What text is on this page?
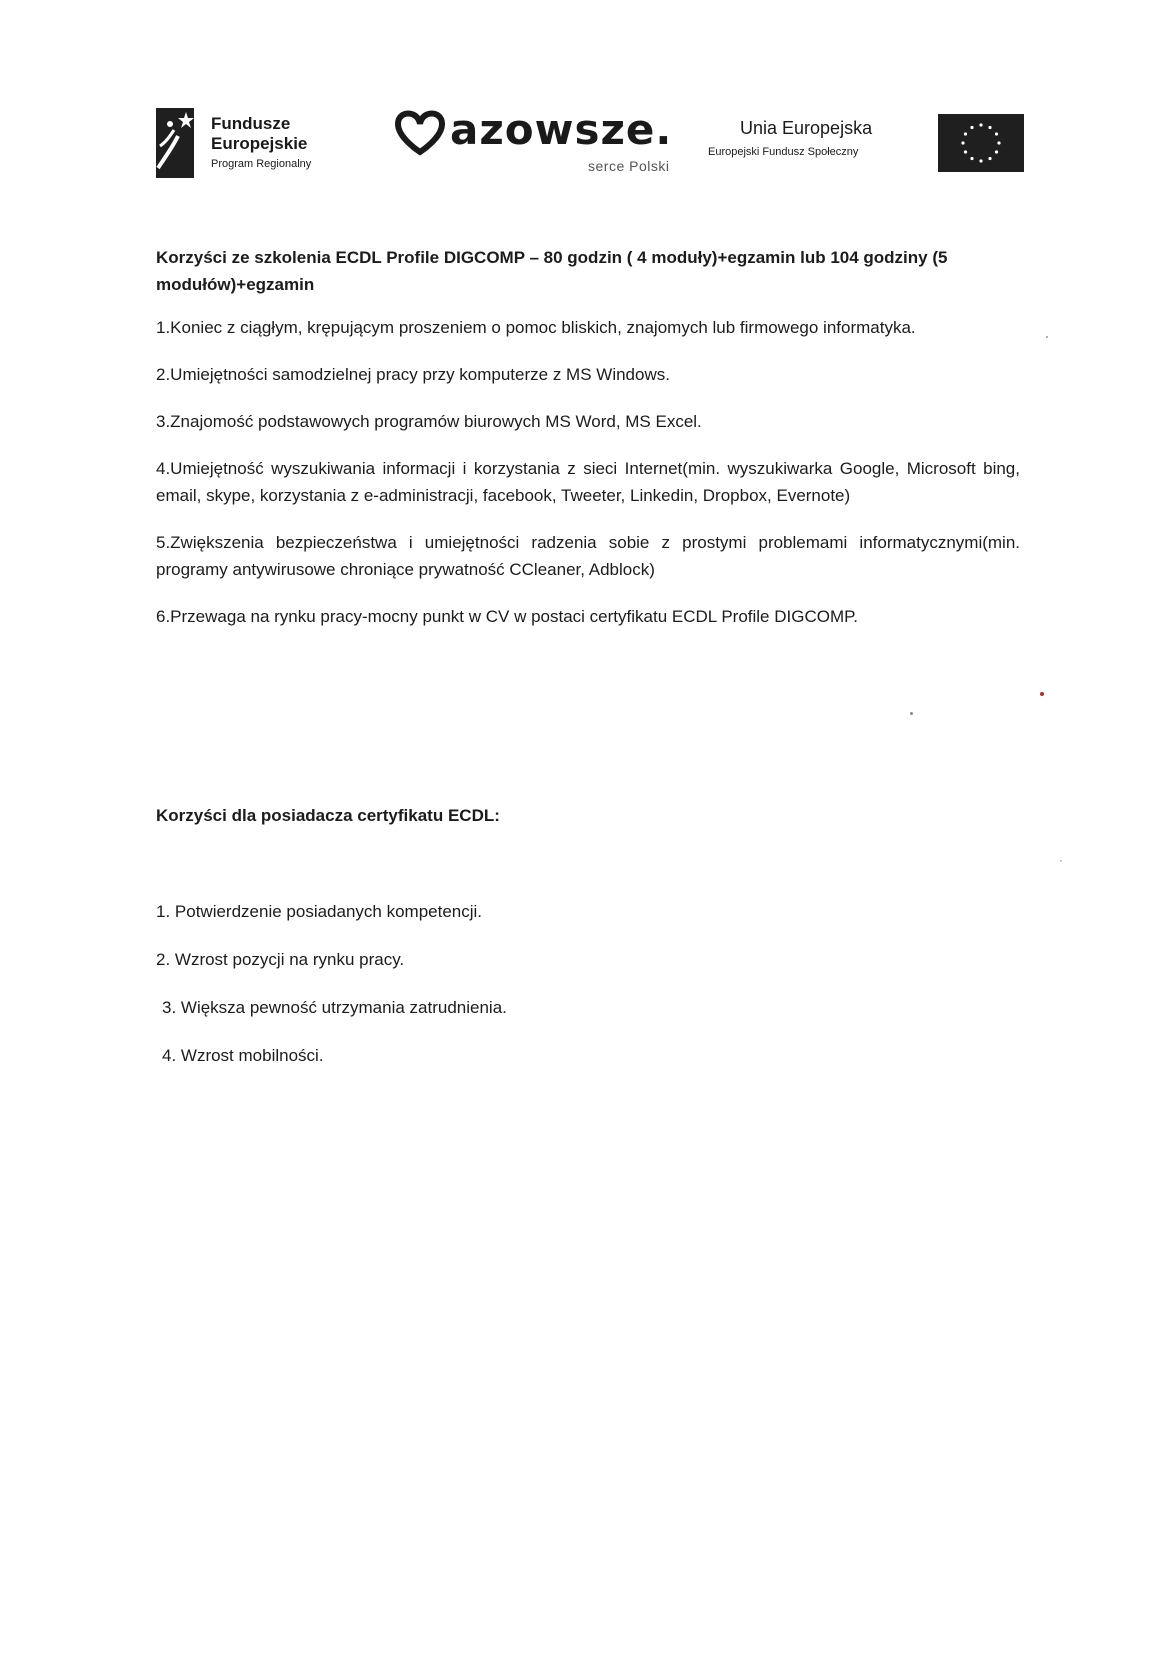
Fundusze
Europejskie
Program Regionalny
azowsze.
serce Polski
Unia Europejska
Europejski Fundusz Społeczny

Korzyści ze szkolenia ECDL Profile DIGCOMP – 80 godzin ( 4 moduły)+egzamin lub 104 godziny (5 modułów)+egzamin

1.Koniec z ciągłym, krępującym proszeniem o pomoc bliskich, znajomych lub firmowego informatyka.

2.Umiejętności samodzielnej pracy przy komputerze z MS Windows.

3.Znajomość podstawowych programów biurowych MS Word, MS Excel.

4.Umiejętność wyszukiwania informacji i korzystania z sieci Internet(min. wyszukiwarka Google, Microsoft bing, email, skype, korzystania z e-administracji, facebook, Tweeter, Linkedin, Dropbox, Evernote)

5.Zwiększenia bezpieczeństwa i umiejętności radzenia sobie z prostymi problemami informatycznymi(min. programy antywirusowe chroniące prywatność CCleaner, Adblock)

6.Przewaga na rynku pracy-mocny punkt w CV w postaci certyfikatu ECDL Profile DIGCOMP.

Korzyści dla posiadacza certyfikatu ECDL:

1. Potwierdzenie posiadanych kompetencji.

2. Wzrost pozycji na rynku pracy.

3. Większa pewność utrzymania zatrudnienia.

4. Wzrost mobilności.
